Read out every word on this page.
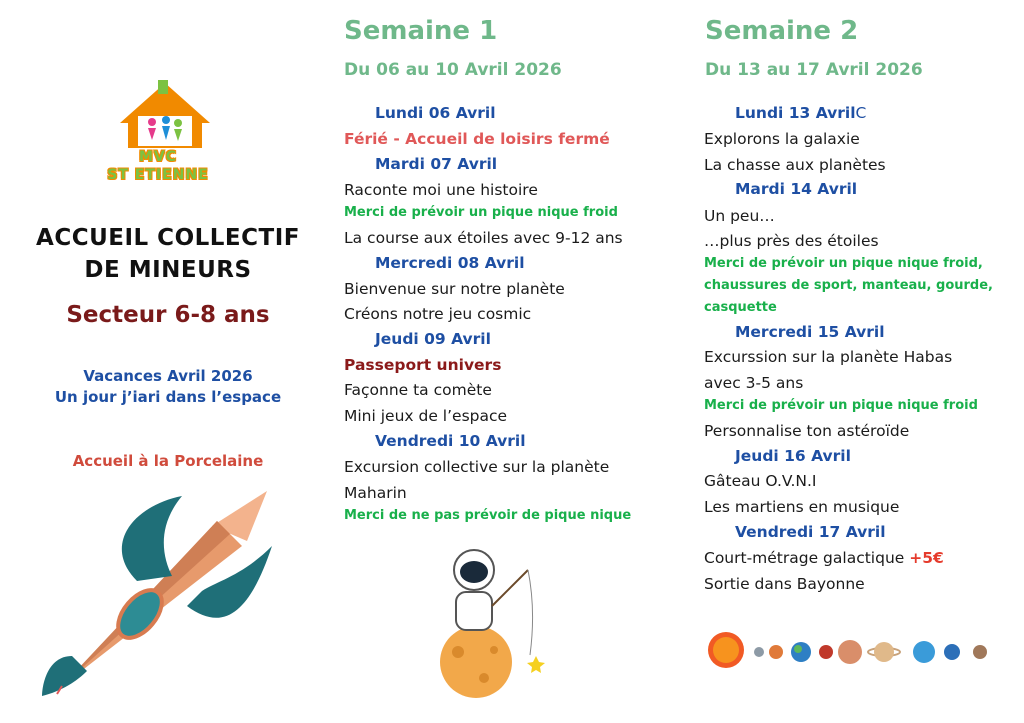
MVC
ST ETIENNE
ACCUEIL COLLECTIF
DE MINEURS
Secteur 6-8 ans
Vacances Avril 2026
Un jour j’iari dans l’espace
Accueil à la Porcelaine
Semaine 1
Du 06 au 10 Avril 2026
Lundi 06 Avril
Férié - Accueil de loisirs fermé
Mardi 07 Avril
Raconte moi une histoire
Merci de prévoir un pique nique froid
La course aux étoiles avec 9-12 ans
Mercredi 08 Avril
Bienvenue sur notre planète
Créons notre jeu cosmic
Jeudi 09 Avril
Passeport univers
Façonne ta comète
Mini jeux de l’espace
Vendredi 10 Avril
Excursion collective sur la planète
Maharin
Merci de ne pas prévoir de pique nique
Semaine 2
Du 13 au 17 Avril 2026
Lundi 13 AvrilC
Explorons la galaxie
La chasse aux planètes
Mardi 14 Avril
Un peu…
…plus près des étoiles
Merci de prévoir un pique nique froid,
chaussures de sport, manteau, gourde,
casquette
Mercredi 15 Avril
Excurssion sur la planète Habas
avec 3-5 ans
Merci de prévoir un pique nique froid
Personnalise ton astéroïde
Jeudi 16 Avril
Gâteau O.V.N.I
Les martiens en musique
Vendredi 17 Avril
Court-métrage galactique +5€
Sortie dans Bayonne
